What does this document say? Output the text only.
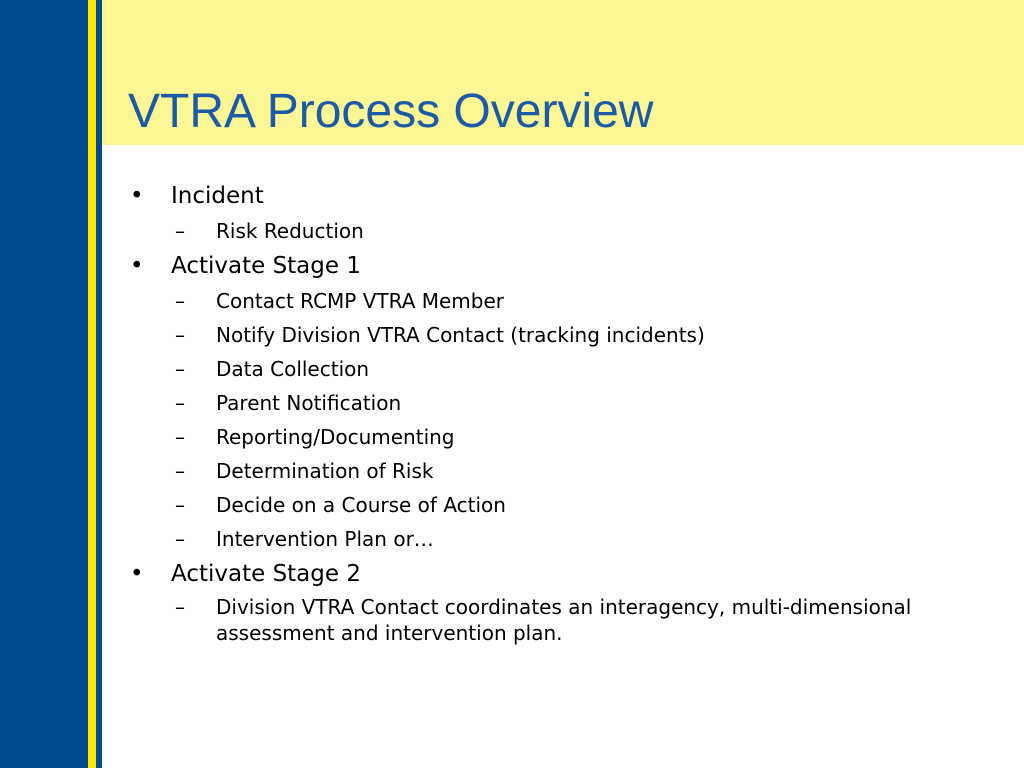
VTRA Process Overview
• Incident
– Risk Reduction
• Activate Stage 1
– Contact RCMP VTRA Member
– Notify Division VTRA Contact (tracking incidents)
– Data Collection
– Parent Notification
– Reporting/Documenting
– Determination of Risk
– Decide on a Course of Action
– Intervention Plan or…
• Activate Stage 2
– Division VTRA Contact coordinates an interagency, multi-dimensional assessment and intervention plan.
